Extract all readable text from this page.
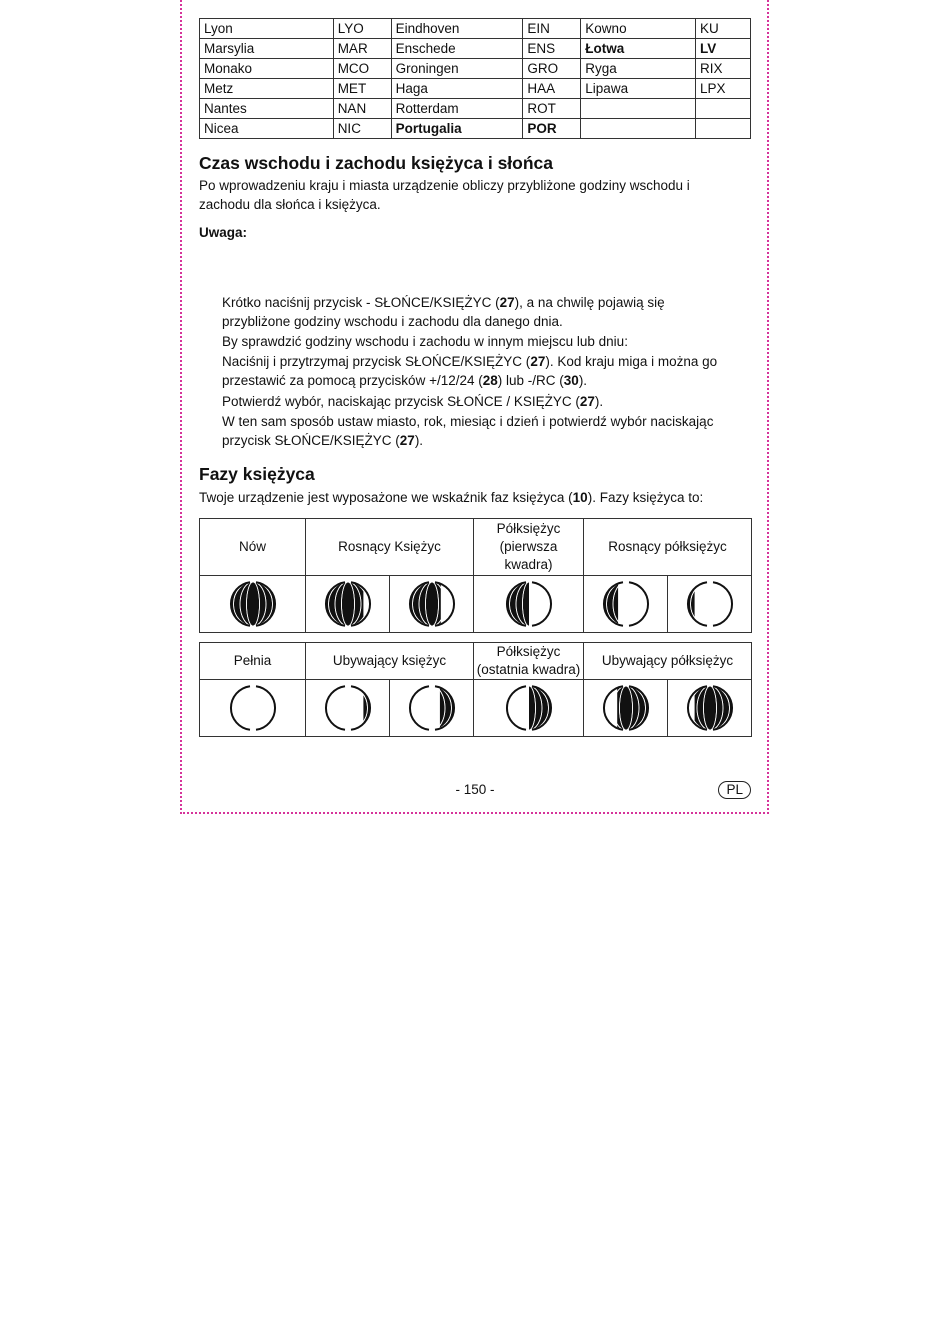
Lyon	LYO	Eindhoven	EIN	Kowno	KU
Marsylia	MAR	Enschede	ENS	Łotwa	LV
Monako	MCO	Groningen	GRO	Ryga	RIX
Metz	MET	Haga	HAA	Lipawa	LPX
Nantes	NAN	Rotterdam	ROT		
Nicea	NIC	Portugalia	POR		
Czas wschodu i zachodu księżyca i słońca

Po wprowadzeniu kraju i miasta urządzenie obliczy przybliżone godziny wschodu i

zachodu dla słońca i księżyca.

Uwaga:

Krótko naciśnij przycisk - SŁOŃCE/KSIĘŻYC (27), a na chwilę pojawią się

przybliżone godziny wschodu i zachodu dla danego dnia.

By sprawdzić godziny wschodu i zachodu w innym miejscu lub dniu:

Naciśnij i przytrzymaj przycisk SŁOŃCE/KSIĘŻYC (27). Kod kraju miga i można go

przestawić za pomocą przycisków +/12/24 (28) lub -/RC (30).

Potwierdź wybór, naciskając przycisk SŁOŃCE / KSIĘŻYC (27).

W ten sam sposób ustaw miasto, rok, miesiąc i dzień i potwierdź wybór naciskając

przycisk SŁOŃCE/KSIĘŻYC (27).

Fazy księżyca

Twoje urządzenie jest wyposażone we wskaźnik faz księżyca (10). Fazy księżyca to:

Nów	Rosnący Księżyc		Półksiężyc (pierwsza kwadra)	Rosnący półksiężyc	

Pełnia	Ubywający księżyc		Półksiężyc (ostatnia kwadra)	Ubywający półksiężyc	

- 150 -	PL
